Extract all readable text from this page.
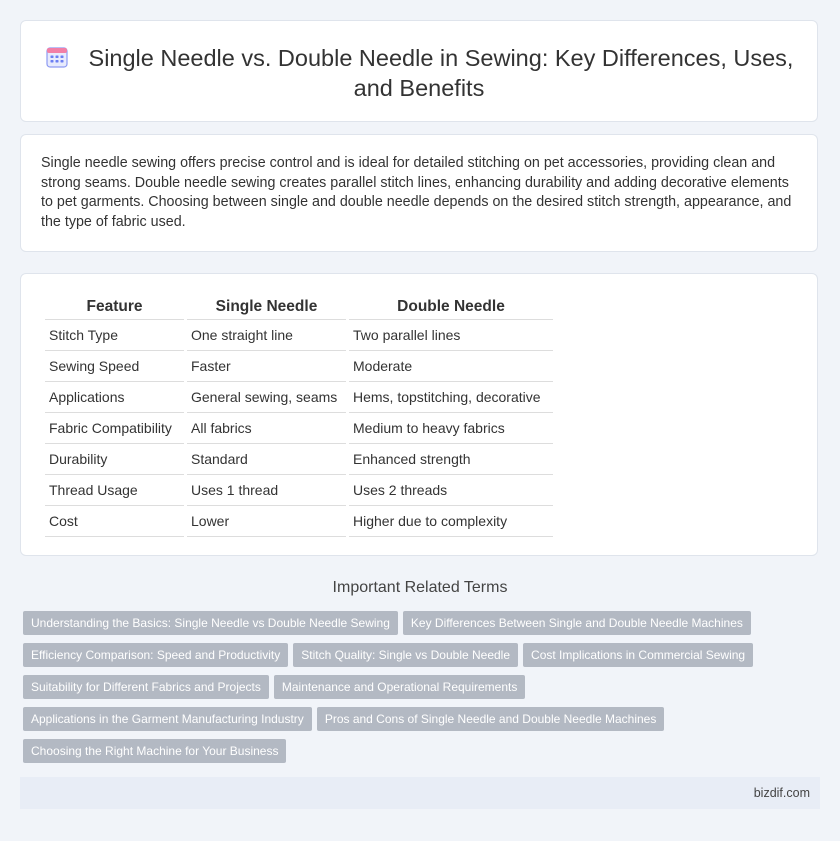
Single Needle vs. Double Needle in Sewing: Key Differences, Uses, and Benefits
Single needle sewing offers precise control and is ideal for detailed stitching on pet accessories, providing clean and strong seams. Double needle sewing creates parallel stitch lines, enhancing durability and adding decorative elements to pet garments. Choosing between single and double needle depends on the desired stitch strength, appearance, and the type of fabric used.
Feature	Single Needle	Double Needle
Stitch Type	One straight line	Two parallel lines
Sewing Speed	Faster	Moderate
Applications	General sewing, seams	Hems, topstitching, decorative
Fabric Compatibility	All fabrics	Medium to heavy fabrics
Durability	Standard	Enhanced strength
Thread Usage	Uses 1 thread	Uses 2 threads
Cost	Lower	Higher due to complexity
Important Related Terms
Understanding the Basics: Single Needle vs Double Needle Sewing Key Differences Between Single and Double Needle Machines
Efficiency Comparison: Speed and Productivity Stitch Quality: Single vs Double Needle Cost Implications in Commercial Sewing
Suitability for Different Fabrics and Projects Maintenance and Operational Requirements
Applications in the Garment Manufacturing Industry Pros and Cons of Single Needle and Double Needle Machines
Choosing the Right Machine for Your Business
bizdif.com
